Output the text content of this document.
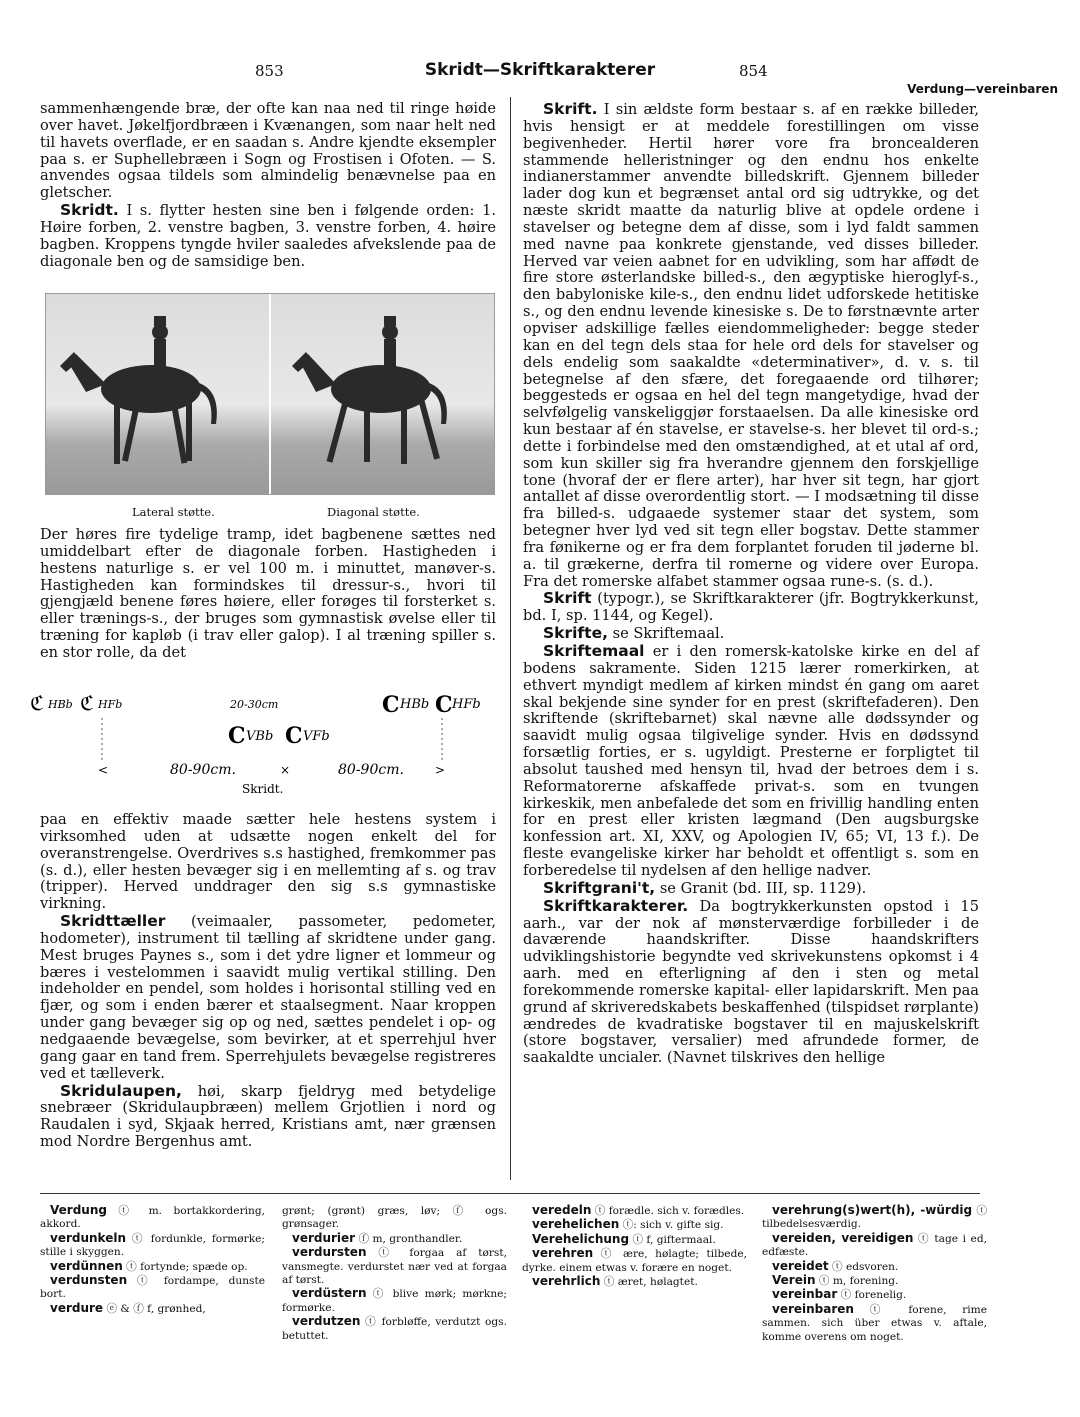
853	Skridt—Skriftkarakterer	854
Verdung—vereinbaren

sammenhængende bræ, der ofte kan naa ned til ringe høide over havet. Jøkelfjordbræen i Kvænangen, som naar helt ned til havets overflade, er en saadan s. Andre kjendte eksempler paa s. er Suphellebræen i Sogn og Frostisen i Ofoten. — S. anvendes ogsaa tildels som almindelig benævnelse paa en gletscher.

Skridt. I s. flytter hesten sine ben i følgende orden: 1. Høire forben, 2. venstre bagben, 3. venstre forben, 4. høire bagben. Kroppens tyngde hviler saaledes afvekslende paa de diagonale ben og de samsidige ben.

Lateral støtte.	Diagonal støtte.

Der høres fire tydelige tramp, idet bagbenene sættes ned umiddelbart efter de diagonale forben. Hastigheden i hestens naturlige s. er vel 100 m. i minuttet, manøver-s. Hastigheden kan formindskes til dressur-s., hvori til gjengjæld benene føres høiere, eller forøges til forsterket s. eller trænings-s., der bruges som gymnastisk øvelse eller til træning for kapløb (i trav eller galop). I al træning spiller s. en stor rolle, da det

ℭ HBb ℭ HFb	20-30cm	C HBb C HFb
C VBb C VFb
<	80-90cm.	×	80-90cm.	>
Skridt.

paa en effektiv maade sætter hele hestens system i virksomhed uden at udsætte nogen enkelt del for overanstrengelse. Overdrives s.s hastighed, fremkommer pas (s. d.), eller hesten bevæger sig i en mellemting af s. og trav (tripper). Herved unddrager den sig s.s gymnastiske virkning.

Skridttæller (veimaaler, passometer, pedometer, hodometer), instrument til tælling af skridtene under gang. Mest bruges Paynes s., som i det ydre ligner et lommeur og bæres i vestelommen i saavidt mulig vertikal stilling. Den indeholder en pendel, som holdes i horisontal stilling ved en fjær, og som i enden bærer et staalsegment. Naar kroppen under gang bevæger sig op og ned, sættes pendelet i op- og nedgaaende bevægelse, som bevirker, at et sperrehjul hver gang gaar en tand frem. Sperrehjulets bevægelse registreres ved et tælleverk.

Skridulaupen, høi, skarp fjeldryg med betydelige snebræer (Skridulaupbræen) mellem Grjotlien i nord og Raudalen i syd, Skjaak herred, Kristians amt, nær grænsen mod Nordre Bergenhus amt.

Skrift. I sin ældste form bestaar s. af en række billeder, hvis hensigt er at meddele forestillingen om visse begivenheder. Hertil hører vore fra broncealderen stammende helleristninger og den endnu hos enkelte indianerstammer anvendte billedskrift. Gjennem billeder lader dog kun et begrænset antal ord sig udtrykke, og det næste skridt maatte da naturlig blive at opdele ordene i stavelser og betegne dem af disse, som i lyd faldt sammen med navne paa konkrete gjenstande, ved disses billeder. Herved var veien aabnet for en udvikling, som har affødt de fire store østerlandske billed-s., den ægyptiske hieroglyf-s., den babyloniske kile-s., den endnu lidet udforskede hetitiske s., og den endnu levende kinesiske s. De to førstnævnte arter opviser adskillige fælles eiendommeligheder: begge steder kan en del tegn dels staa for hele ord dels for stavelser og dels endelig som saakaldte «determinativer», d. v. s. til betegnelse af den sfære, det foregaaende ord tilhører; beggesteds er ogsaa en hel del tegn mangetydige, hvad der selvfølgelig vanskeliggjør forstaaelsen. Da alle kinesiske ord kun bestaar af én stavelse, er stavelse-s. her blevet til ord-s.; dette i forbindelse med den omstændighed, at et utal af ord, som kun skiller sig fra hverandre gjennem den forskjellige tone (hvoraf der er flere arter), har hver sit tegn, har gjort antallet af disse overordentlig stort. — I modsætning til disse fra billed-s. udgaaede systemer staar det system, som betegner hver lyd ved sit tegn eller bogstav. Dette stammer fra fønikerne og er fra dem forplantet foruden til jøderne bl. a. til grækerne, derfra til romerne og videre over Europa. Fra det romerske alfabet stammer ogsaa rune-s. (s. d.).

Skrift (typogr.), se Skriftkarakterer (jfr. Bogtrykkerkunst, bd. I, sp. 1144, og Kegel).

Skrifte, se Skriftemaal.

Skriftemaal er i den romersk-katolske kirke en del af bodens sakramente. Siden 1215 lærer romerkirken, at ethvert myndigt medlem af kirken mindst én gang om aaret skal bekjende sine synder for en prest (skriftefaderen). Den skriftende (skriftebarnet) skal nævne alle dødssynder og saavidt mulig ogsaa tilgivelige synder. Hvis en dødssynd forsætlig forties, er s. ugyldigt. Presterne er forpligtet til absolut taushed med hensyn til, hvad der betroes dem i s. Reformatorerne afskaffede privat-s. som en tvungen kirkeskik, men anbefalede det som en frivillig handling enten for en prest eller kristen lægmand (Den augsburgske konfession art. XI, XXV, og Apologien IV, 65; VI, 13 f.). De fleste evangeliske kirker har beholdt et offentligt s. som en forberedelse til nydelsen af den hellige nadver.

Skriftgrani't, se Granit (bd. III, sp. 1129).

Skriftkarakterer. Da bogtrykkerkunsten opstod i 15 aarh., var der nok af mønsterværdige forbilleder i de daværende haandskrifter. Disse haandskrifters udviklingshistorie begyndte ved skrivekunstens opkomst i 4 aarh. med en efterligning af den i sten og metal forekommende romerske kapital- eller lapidarskrift. Men paa grund af skriveredskabets beskaffenhed (tilspidset rørplante) ændredes de kvadratiske bogstaver til en majuskelskrift (store bogstaver, versalier) med afrundede former, de saakaldte uncialer. (Navnet tilskrives den hellige

Verdung ⓣ m. bortakkordering, akkord.

verdunkeln ⓣ fordunkle, formørke; stille i skyggen.

verdünnen ⓣ fortynde; spæde op.

verdunsten ⓣ fordampe, dunste bort.

verdure ⓔ & ⓕ f, grønhed,

grønt; (grønt) græs, løv; ⓕ ogs. grønsager.

verdurier ⓕ m, gronthandler.

verdursten ⓣ forgaa af tørst, vansmegte. verdurstet nær ved at forgaa af tørst.

verdüstern ⓣ blive mørk; mørkne; formørke.

verdutzen ⓣ forbløffe, verdutzt ogs. betuttet.

veredeln ⓣ forædle. sich v. forædles.

verehelichen ⓣ: sich v. gifte sig.

Verehelichung ⓣ f, giftermaal.

verehren ⓣ ære, hølagte; tilbede, dyrke. einem etwas v. forære en noget.

verehrlich ⓣ æret, hølagtet.

verehrung(s)wert(h), -würdig ⓣ tilbedelsesværdig.

vereiden, vereidigen ⓣ tage i ed, edfæste.

vereidet ⓣ edsvoren.

Verein ⓣ m, forening.

vereinbar ⓣ forenelig.

vereinbaren ⓣ forene, rime sammen. sich über etwas v. aftale, komme overens om noget.
